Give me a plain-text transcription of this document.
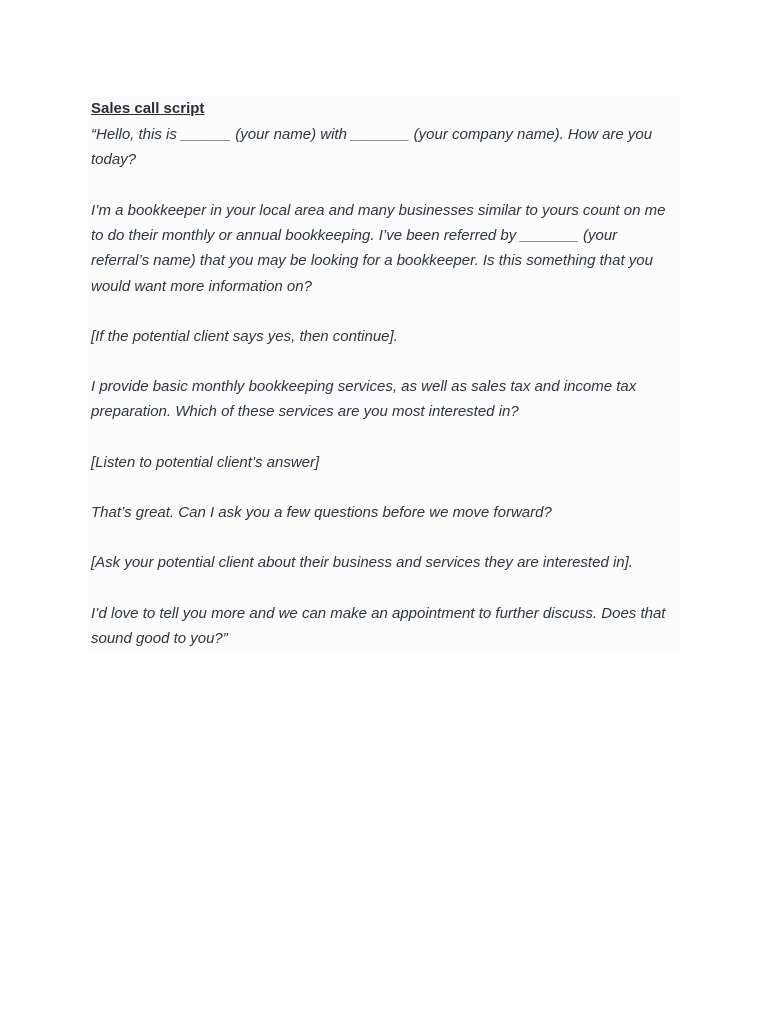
Sales call script

“Hello, this is ______ (your name) with _______ (your company name). How are you
today?

I’m a bookkeeper in your local area and many businesses similar to yours count on me
to do their monthly or annual bookkeeping. I’ve been referred by _______ (your
referral’s name) that you may be looking for a bookkeeper. Is this something that you
would want more information on?

[If the potential client says yes, then continue].

I provide basic monthly bookkeeping services, as well as sales tax and income tax
preparation. Which of these services are you most interested in?

[Listen to potential client’s answer]

That’s great. Can I ask you a few questions before we move forward?

[Ask your potential client about their business and services they are interested in].

I’d love to tell you more and we can make an appointment to further discuss. Does that
sound good to you?”
